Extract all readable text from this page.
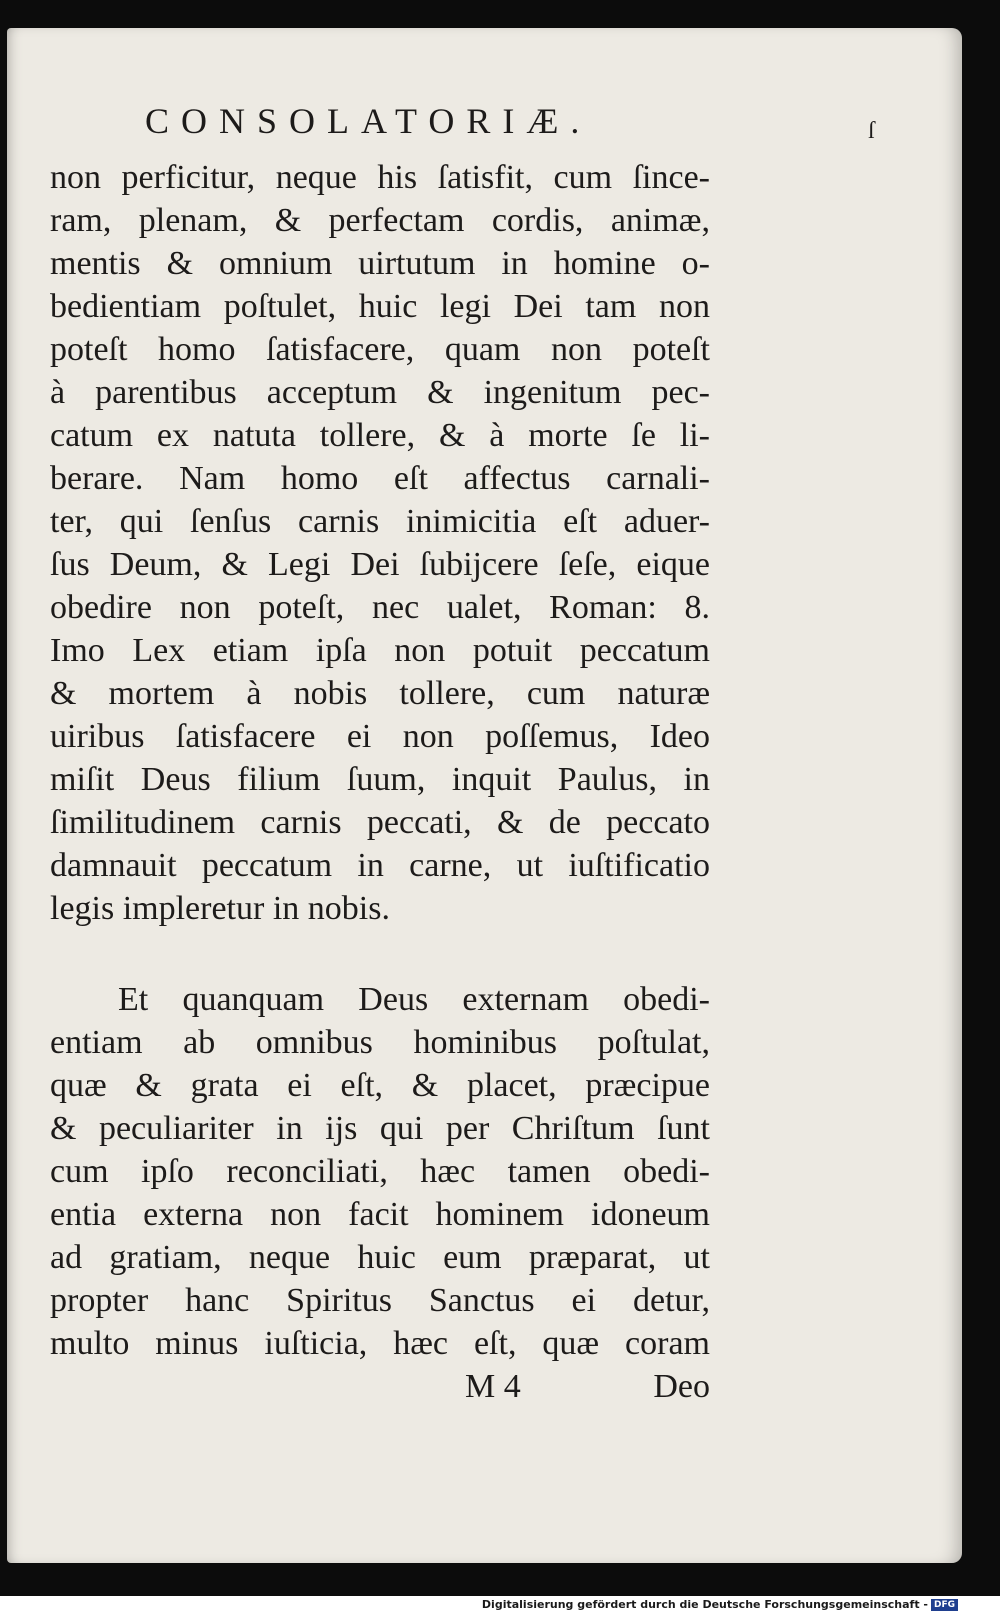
CONSOLATORIÆ.	ſ
non perficitur, neque his ſatisfit, cum ſince-
ram, plenam, & perfectam cordis, animæ,
mentis & omnium uirtutum in homine o-
bedientiam poſtulet, huic legi Dei tam non
poteſt homo ſatisfacere, quam non poteſt
à parentibus acceptum & ingenitum pec-
catum ex natuta tollere, & à morte ſe li-
berare. Nam homo eſt affectus carnali-
ter, qui ſenſus carnis inimicitia eſt aduer-
ſus Deum, & Legi Dei ſubijcere ſeſe, eique
obedire non poteſt, nec ualet, Roman: 8.
Imo Lex etiam ipſa non potuit peccatum
& mortem à nobis tollere, cum naturæ
uiribus ſatisfacere ei non poſſemus, Ideo
miſit Deus filium ſuum, inquit Paulus, in
ſimilitudinem carnis peccati, & de peccato
damnauit peccatum in carne, ut iuſtificatio
legis impleretur in nobis.
Et quanquam Deus externam obedi-
entiam ab omnibus hominibus poſtulat,
quæ & grata ei eſt, & placet, præcipue
& peculiariter in ijs qui per Chriſtum ſunt
cum ipſo reconciliati, hæc tamen obedi-
entia externa non facit hominem idoneum
ad gratiam, neque huic eum præparat, ut
propter hanc Spiritus Sanctus ei detur,
multo minus iuſticia, hæc eſt, quæ coram
M 4	Deo
Digitalisierung gefördert durch die Deutsche Forschungsgemeinschaft - DFG
